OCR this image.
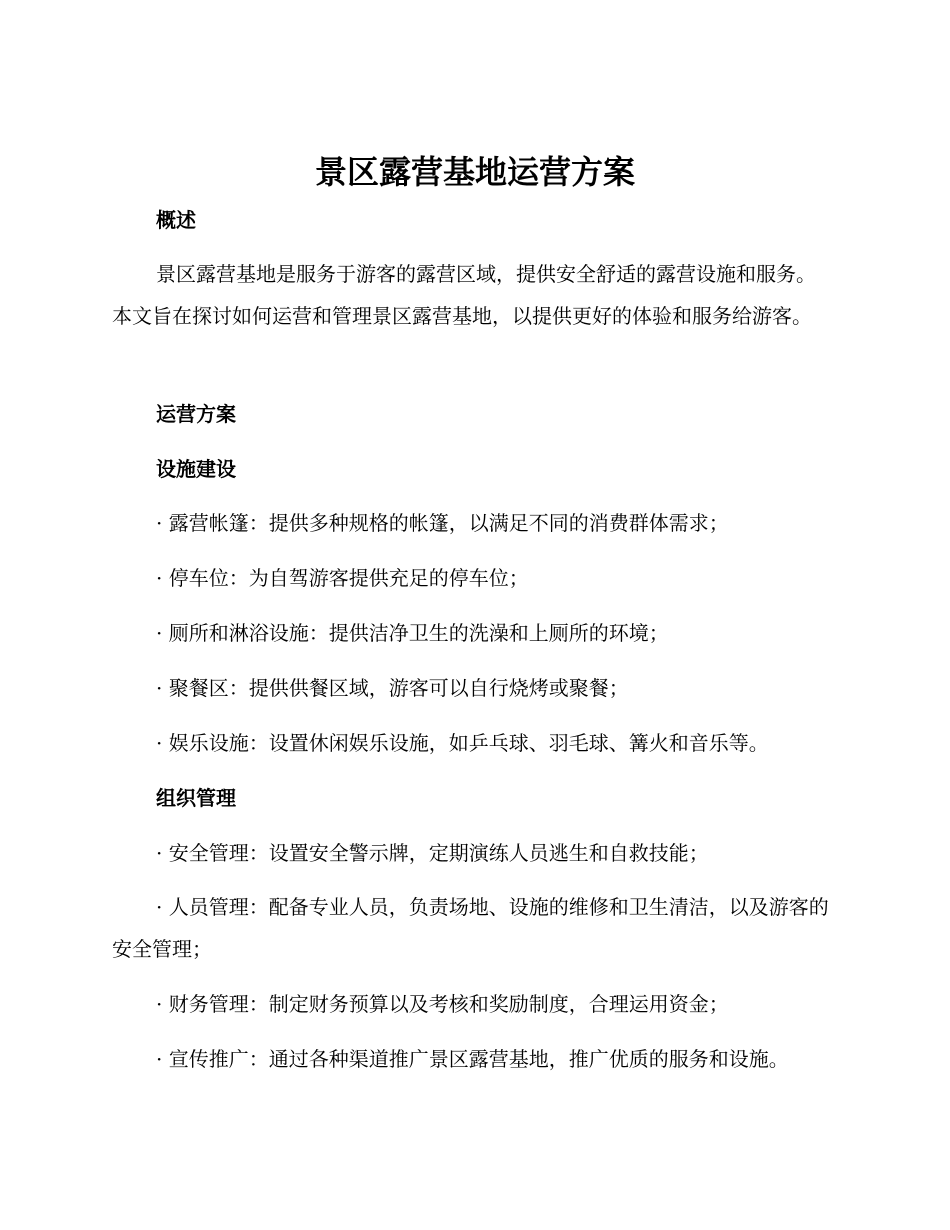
景区露营基地运营方案
概述

景区露营基地是服务于游客的露营区域，提供安全舒适的露营设施和服务。本文旨在探讨如何运营和管理景区露营基地，以提供更好的体验和服务给游客。

运营方案
设施建设

· 露营帐篷：提供多种规格的帐篷，以满足不同的消费群体需求；

· 停车位：为自驾游客提供充足的停车位；

· 厕所和淋浴设施：提供洁净卫生的洗澡和上厕所的环境；

· 聚餐区：提供供餐区域，游客可以自行烧烤或聚餐；

· 娱乐设施：设置休闲娱乐设施，如乒乓球、羽毛球、篝火和音乐等。

组织管理

· 安全管理：设置安全警示牌，定期演练人员逃生和自救技能；

· 人员管理：配备专业人员，负责场地、设施的维修和卫生清洁，以及游客的安全管理；

· 财务管理：制定财务预算以及考核和奖励制度，合理运用资金；

· 宣传推广：通过各种渠道推广景区露营基地，推广优质的服务和设施。
